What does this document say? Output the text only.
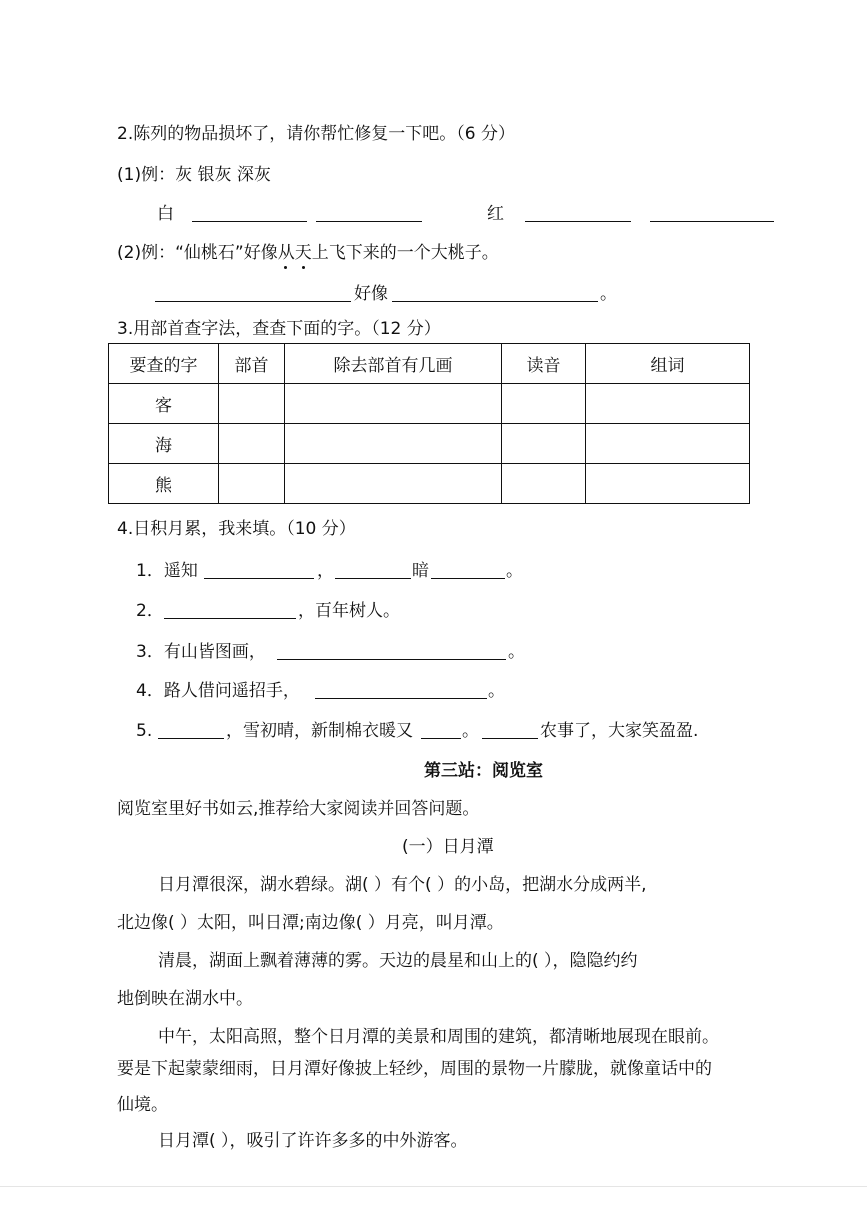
2.陈列的物品损坏了，请你帮忙修复一下吧。（6 分）
(1)例：灰 银灰 深灰
白	红
(2)例：“仙桃石”好像从天上飞下来的一个大桃子。
好像	。
3.用部首查字法，查查下面的字。（12 分）
要查的字	部首	除去部首有几画	读音	组词
客				
海				
熊				
4.日积月累，我来填。（10 分）
1．遥知	，	暗	。
2．	，百年树人。
3．有山皆图画，	。
4．路人借问遥招手，	。
5.	，雪初晴，新制棉衣暖又	。	农事了，大家笑盈盈.
第三站：阅览室
阅览室里好书如云,推荐给大家阅读并回答问题。
(一）日月潭
日月潭很深，湖水碧绿。湖( ）有个( ）的小岛，把湖水分成两半,
北边像( ）太阳，叫日潭;南边像( ）月亮，叫月潭。
清晨，湖面上飘着薄薄的雾。天边的晨星和山上的( ），隐隐约约
地倒映在湖水中。
中午，太阳高照，整个日月潭的美景和周围的建筑，都清晰地展现在眼前。
要是下起蒙蒙细雨，日月潭好像披上轻纱，周围的景物一片朦胧，就像童话中的
仙境。
日月潭( ），吸引了许许多多的中外游客。
